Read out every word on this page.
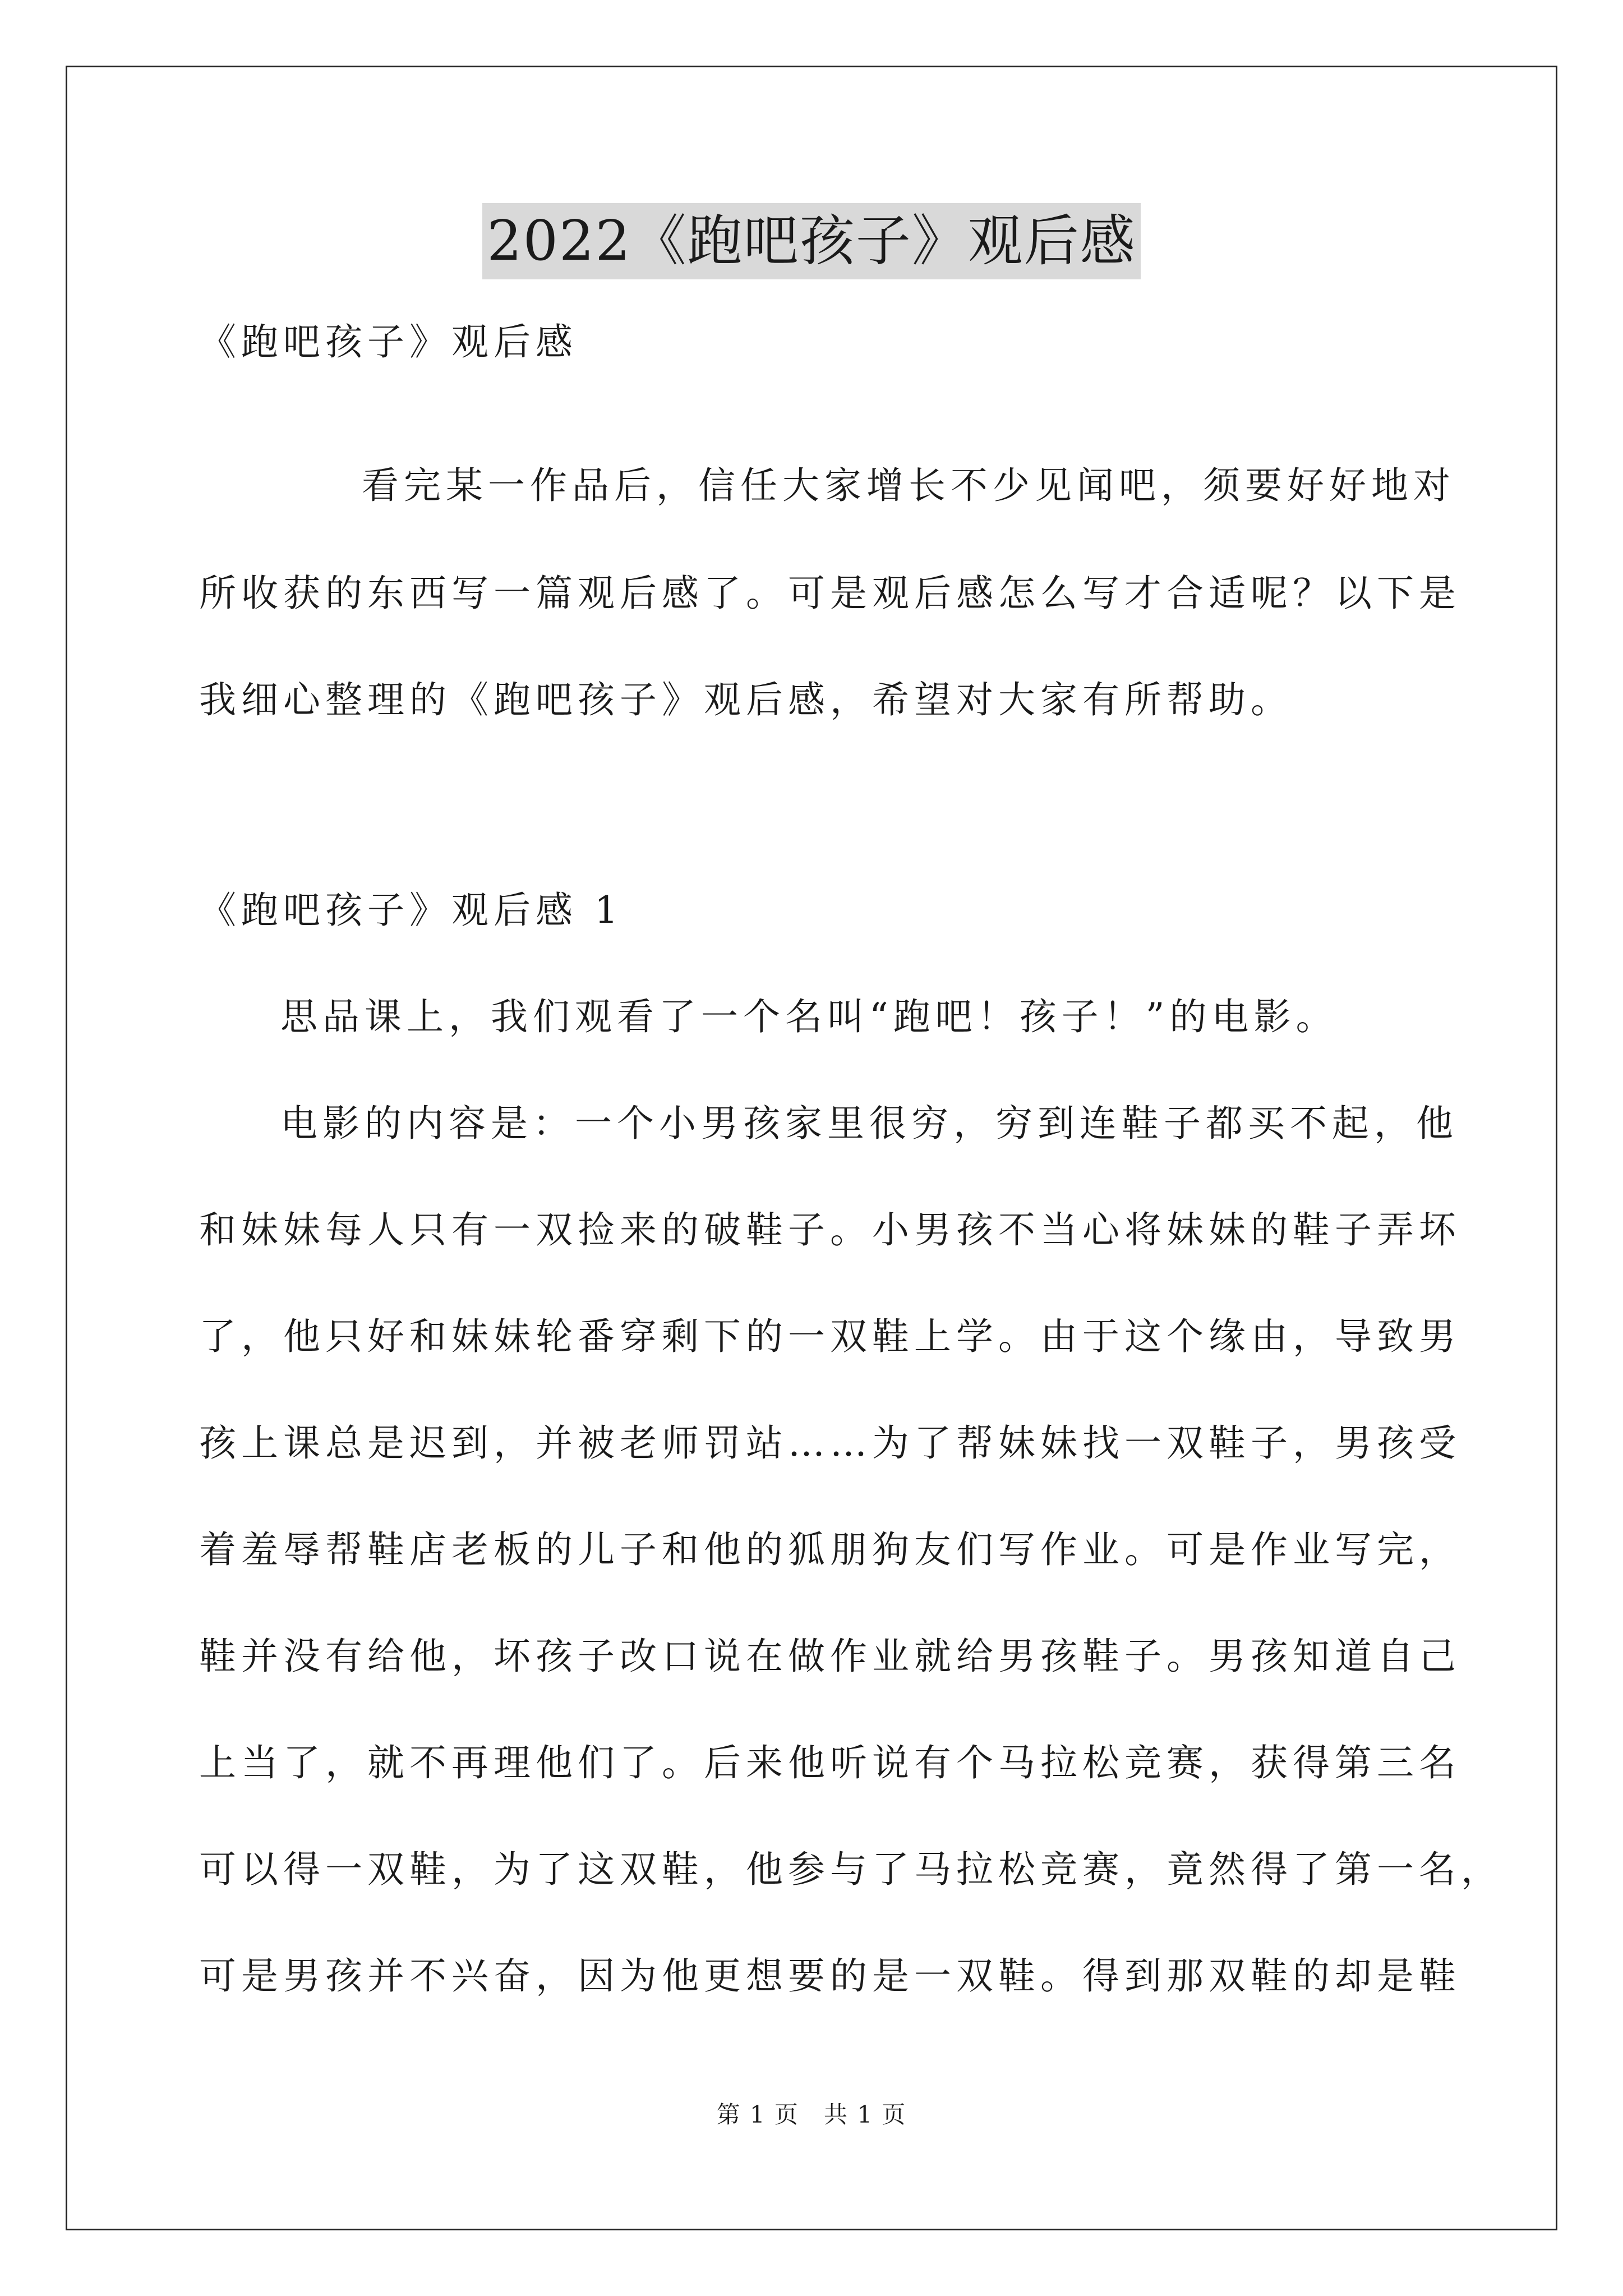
2022《跑吧孩子》观后感
《跑吧孩子》观后感
看完某一作品后，信任大家增长不少见闻吧，须要好好地对
所收获的东西写一篇观后感了。可是观后感怎么写才合适呢？以下是
我细心整理的《跑吧孩子》观后感，希望对大家有所帮助。
《跑吧孩子》观后感 1
思品课上，我们观看了一个名叫“跑吧！孩子！”的电影。
电影的内容是：一个小男孩家里很穷，穷到连鞋子都买不起，他
和妹妹每人只有一双捡来的破鞋子。小男孩不当心将妹妹的鞋子弄坏
了，他只好和妹妹轮番穿剩下的一双鞋上学。由于这个缘由，导致男
孩上课总是迟到，并被老师罚站……为了帮妹妹找一双鞋子，男孩受
着羞辱帮鞋店老板的儿子和他的狐朋狗友们写作业。可是作业写完，
鞋并没有给他，坏孩子改口说在做作业就给男孩鞋子。男孩知道自己
上当了，就不再理他们了。后来他听说有个马拉松竞赛，获得第三名
可以得一双鞋，为了这双鞋，他参与了马拉松竞赛，竟然得了第一名，
可是男孩并不兴奋，因为他更想要的是一双鞋。得到那双鞋的却是鞋
第 1 页　共 1 页
